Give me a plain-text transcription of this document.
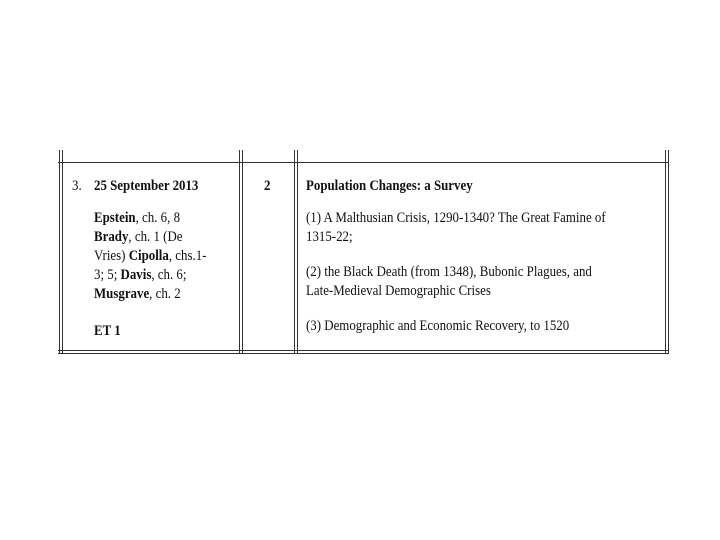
3. 25 September 2013
Epstein, ch. 6, 8
Brady, ch. 1 (De
Vries) Cipolla, chs.1-
3; 5; Davis, ch. 6;
Musgrave, ch. 2
ET 1
2 Population Changes: a Survey
(1) A Malthusian Crisis, 1290-1340? The Great Famine of
1315-22;
(2) the Black Death (from 1348), Bubonic Plagues, and
Late-Medieval Demographic Crises
(3) Demographic and Economic Recovery, to 1520
